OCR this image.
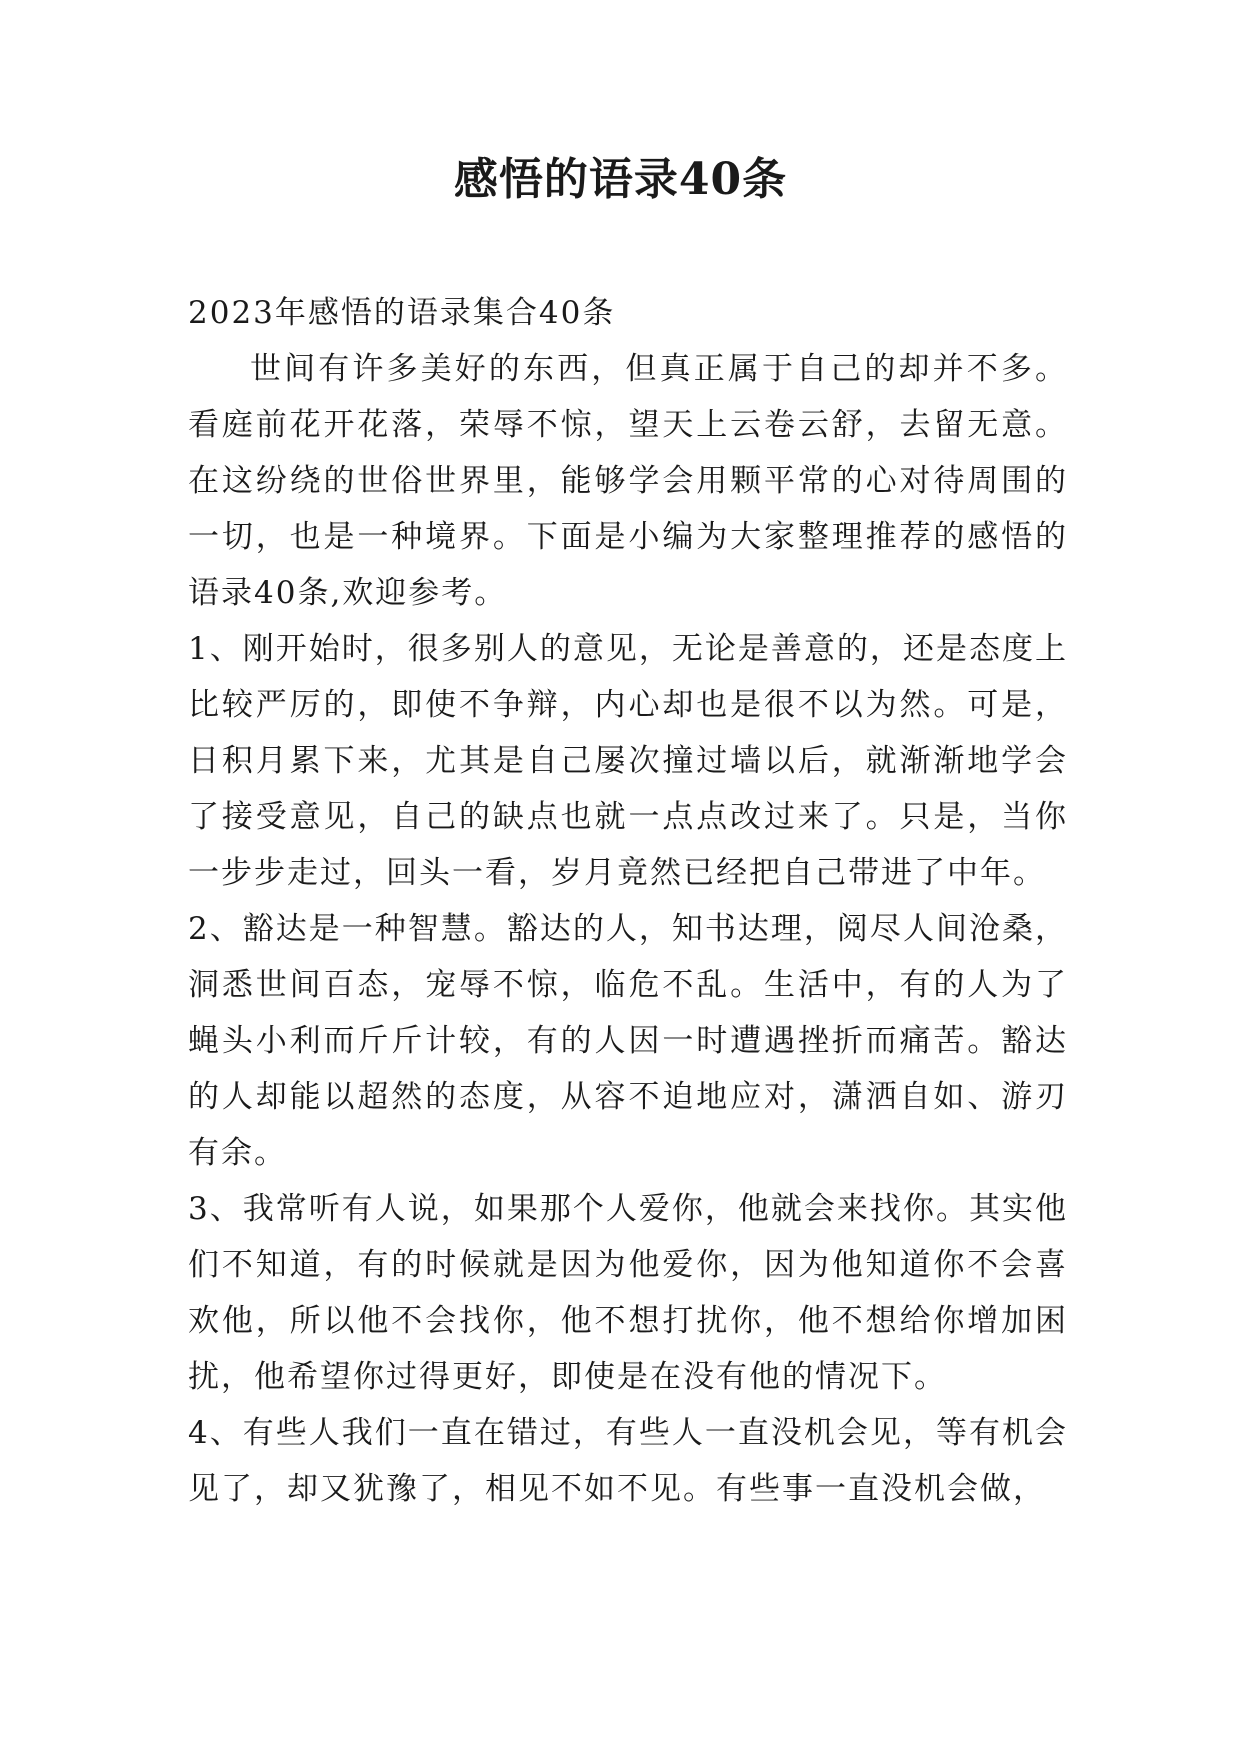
感悟的语录40条

2023年感悟的语录集合40条

世间有许多美好的东西，但真正属于自己的却并不多。看庭前花开花落，荣辱不惊，望天上云卷云舒，去留无意。在这纷绕的世俗世界里，能够学会用颗平常的心对待周围的一切，也是一种境界。下面是小编为大家整理推荐的感悟的语录40条,欢迎参考。

1、刚开始时，很多别人的意见，无论是善意的，还是态度上比较严厉的，即使不争辩，内心却也是很不以为然。可是，日积月累下来，尤其是自己屡次撞过墙以后，就渐渐地学会了接受意见，自己的缺点也就一点点改过来了。只是，当你一步步走过，回头一看，岁月竟然已经把自己带进了中年。

2、豁达是一种智慧。豁达的人，知书达理，阅尽人间沧桑，洞悉世间百态，宠辱不惊，临危不乱。生活中，有的人为了蝇头小利而斤斤计较，有的人因一时遭遇挫折而痛苦。豁达的人却能以超然的态度，从容不迫地应对，潇洒自如、游刃有余。

3、我常听有人说，如果那个人爱你，他就会来找你。其实他们不知道，有的时候就是因为他爱你，因为他知道你不会喜欢他，所以他不会找你，他不想打扰你，他不想给你增加困扰，他希望你过得更好，即使是在没有他的情况下。

4、有些人我们一直在错过，有些人一直没机会见，等有机会见了，却又犹豫了，相见不如不见。有些事一直没机会做，
